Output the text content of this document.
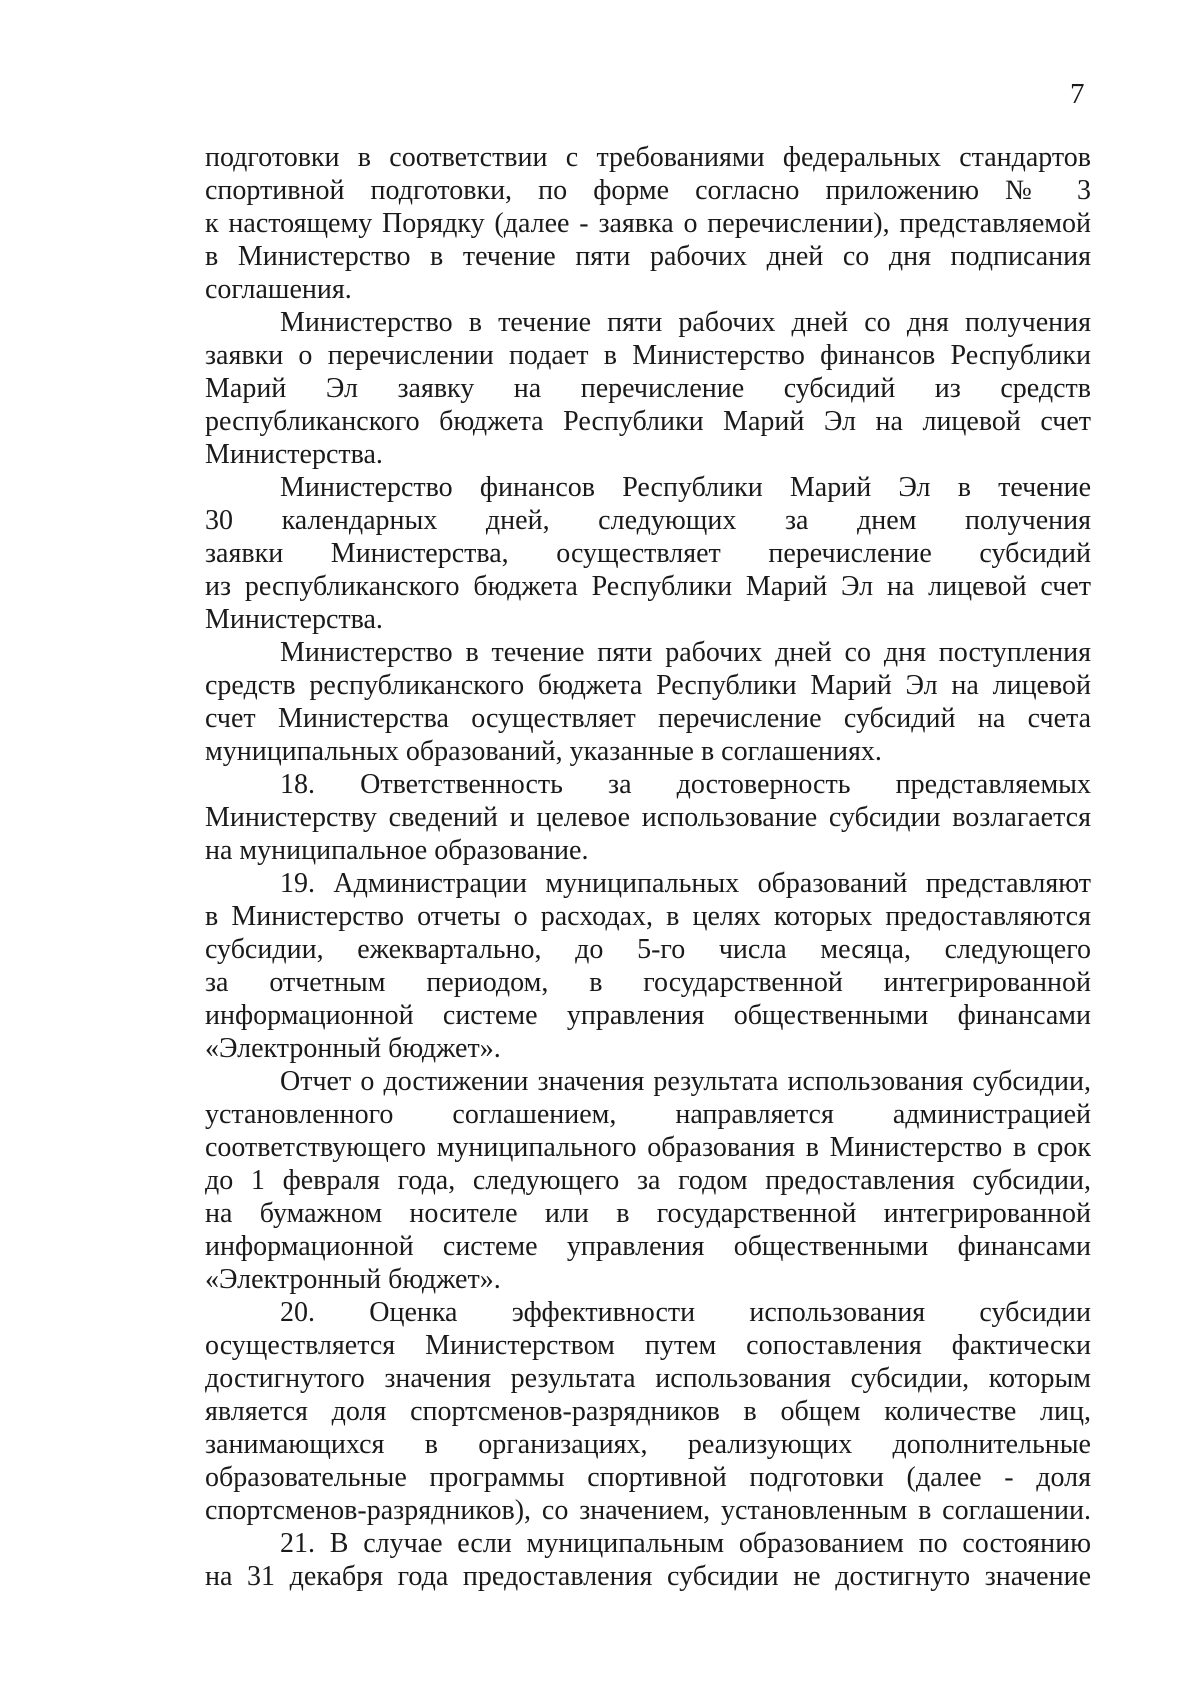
7
подготовки в соответствии с требованиями федеральных стандартов
спортивной подготовки, по форме согласно приложению № 3
к настоящему Порядку (далее - заявка о перечислении), представляемой
в Министерство в течение пяти рабочих дней со дня подписания
соглашения.
Министерство в течение пяти рабочих дней со дня получения
заявки о перечислении подает в Министерство финансов Республики
Марий Эл заявку на перечисление субсидий из средств
республиканского бюджета Республики Марий Эл на лицевой счет
Министерства.
Министерство финансов Республики Марий Эл в течение
30 календарных дней, следующих за днем получения
заявки Министерства, осуществляет перечисление субсидий
из республиканского бюджета Республики Марий Эл на лицевой счет
Министерства.
Министерство в течение пяти рабочих дней со дня поступления
средств республиканского бюджета Республики Марий Эл на лицевой
счет Министерства осуществляет перечисление субсидий на счета
муниципальных образований, указанные в соглашениях.
18. Ответственность за достоверность представляемых
Министерству сведений и целевое использование субсидии возлагается
на муниципальное образование.
19. Администрации муниципальных образований представляют
в Министерство отчеты о расходах, в целях которых предоставляются
субсидии, ежеквартально, до 5-го числа месяца, следующего
за отчетным периодом, в государственной интегрированной
информационной системе управления общественными финансами
«Электронный бюджет».
Отчет о достижении значения результата использования субсидии,
установленного соглашением, направляется администрацией
соответствующего муниципального образования в Министерство в срок
до 1 февраля года, следующего за годом предоставления субсидии,
на бумажном носителе или в государственной интегрированной
информационной системе управления общественными финансами
«Электронный бюджет».
20. Оценка эффективности использования субсидии
осуществляется Министерством путем сопоставления фактически
достигнутого значения результата использования субсидии, которым
является доля спортсменов-разрядников в общем количестве лиц,
занимающихся в организациях, реализующих дополнительные
образовательные программы спортивной подготовки (далее - доля
спортсменов-разрядников), со значением, установленным в соглашении.
21. В случае если муниципальным образованием по состоянию
на 31 декабря года предоставления субсидии не достигнуто значение
